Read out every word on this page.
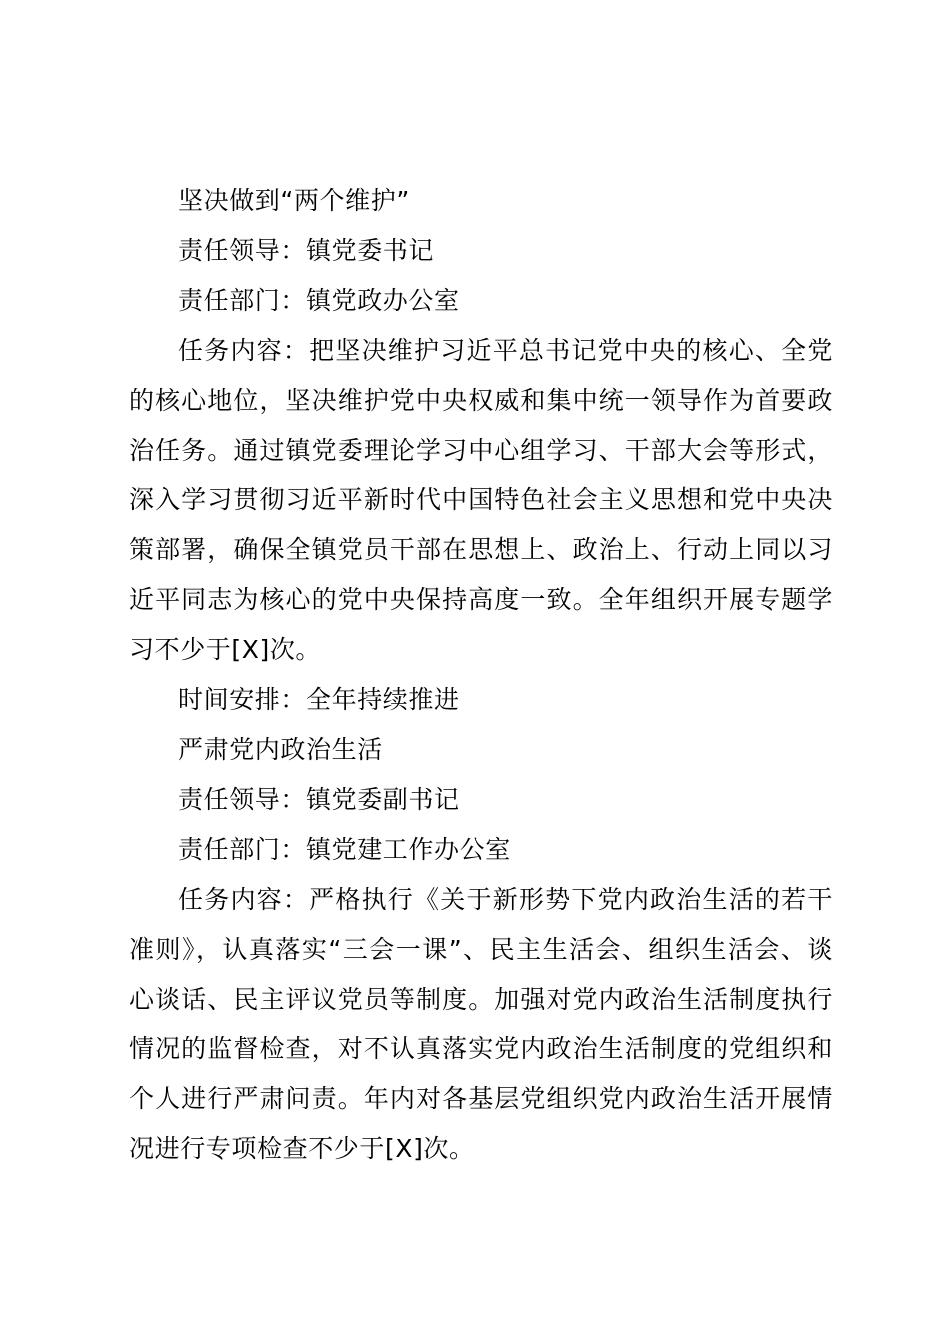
坚决做到“两个维护”

责任领导：镇党委书记

责任部门：镇党政办公室

任务内容：把坚决维护习近平总书记党中央的核心、全党的核心地位，坚决维护党中央权威和集中统一领导作为首要政治任务。通过镇党委理论学习中心组学习、干部大会等形式，深入学习贯彻习近平新时代中国特色社会主义思想和党中央决策部署，确保全镇党员干部在思想上、政治上、行动上同以习近平同志为核心的党中央保持高度一致。全年组织开展专题学习不少于[X]次。

时间安排：全年持续推进

严肃党内政治生活

责任领导：镇党委副书记

责任部门：镇党建工作办公室

任务内容：严格执行《关于新形势下党内政治生活的若干准则》，认真落实“三会一课”、民主生活会、组织生活会、谈心谈话、民主评议党员等制度。加强对党内政治生活制度执行情况的监督检查，对不认真落实党内政治生活制度的党组织和个人进行严肃问责。年内对各基层党组织党内政治生活开展情况进行专项检查不少于[X]次。
